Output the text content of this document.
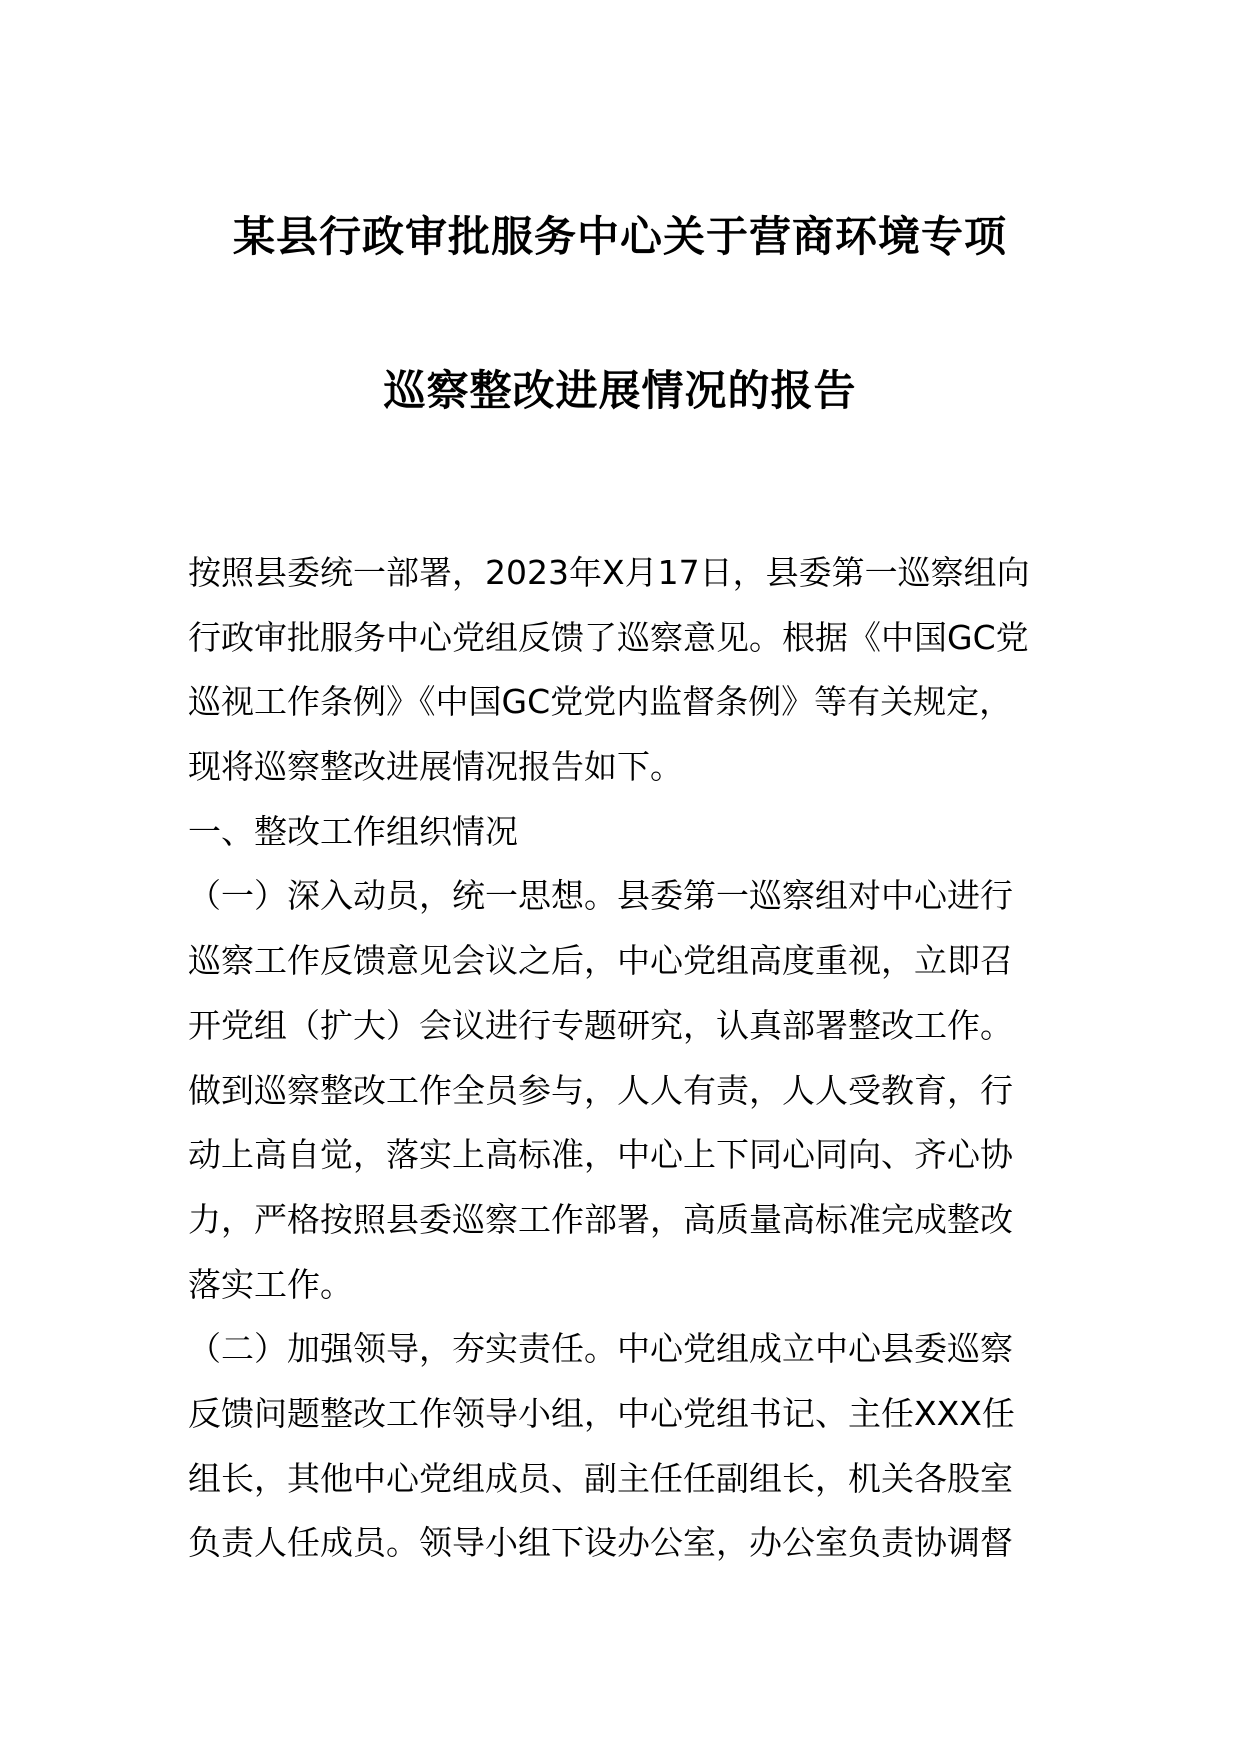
某县行政审批服务中心关于营商环境专项
巡察整改进展情况的报告
按照县委统一部署，2023年X月17日，县委第一巡察组向
行政审批服务中心党组反馈了巡察意见。根据《中国GC党
巡视工作条例》《中国GC党党内监督条例》等有关规定，
现将巡察整改进展情况报告如下。
一、整改工作组织情况
（一）深入动员，统一思想。县委第一巡察组对中心进行
巡察工作反馈意见会议之后，中心党组高度重视，立即召
开党组（扩大）会议进行专题研究，认真部署整改工作。
做到巡察整改工作全员参与，人人有责，人人受教育，行
动上高自觉，落实上高标准，中心上下同心同向、齐心协
力，严格按照县委巡察工作部署，高质量高标准完成整改
落实工作。
（二）加强领导，夯实责任。中心党组成立中心县委巡察
反馈问题整改工作领导小组，中心党组书记、主任XXX任
组长，其他中心党组成员、副主任任副组长，机关各股室
负责人任成员。领导小组下设办公室，办公室负责协调督
